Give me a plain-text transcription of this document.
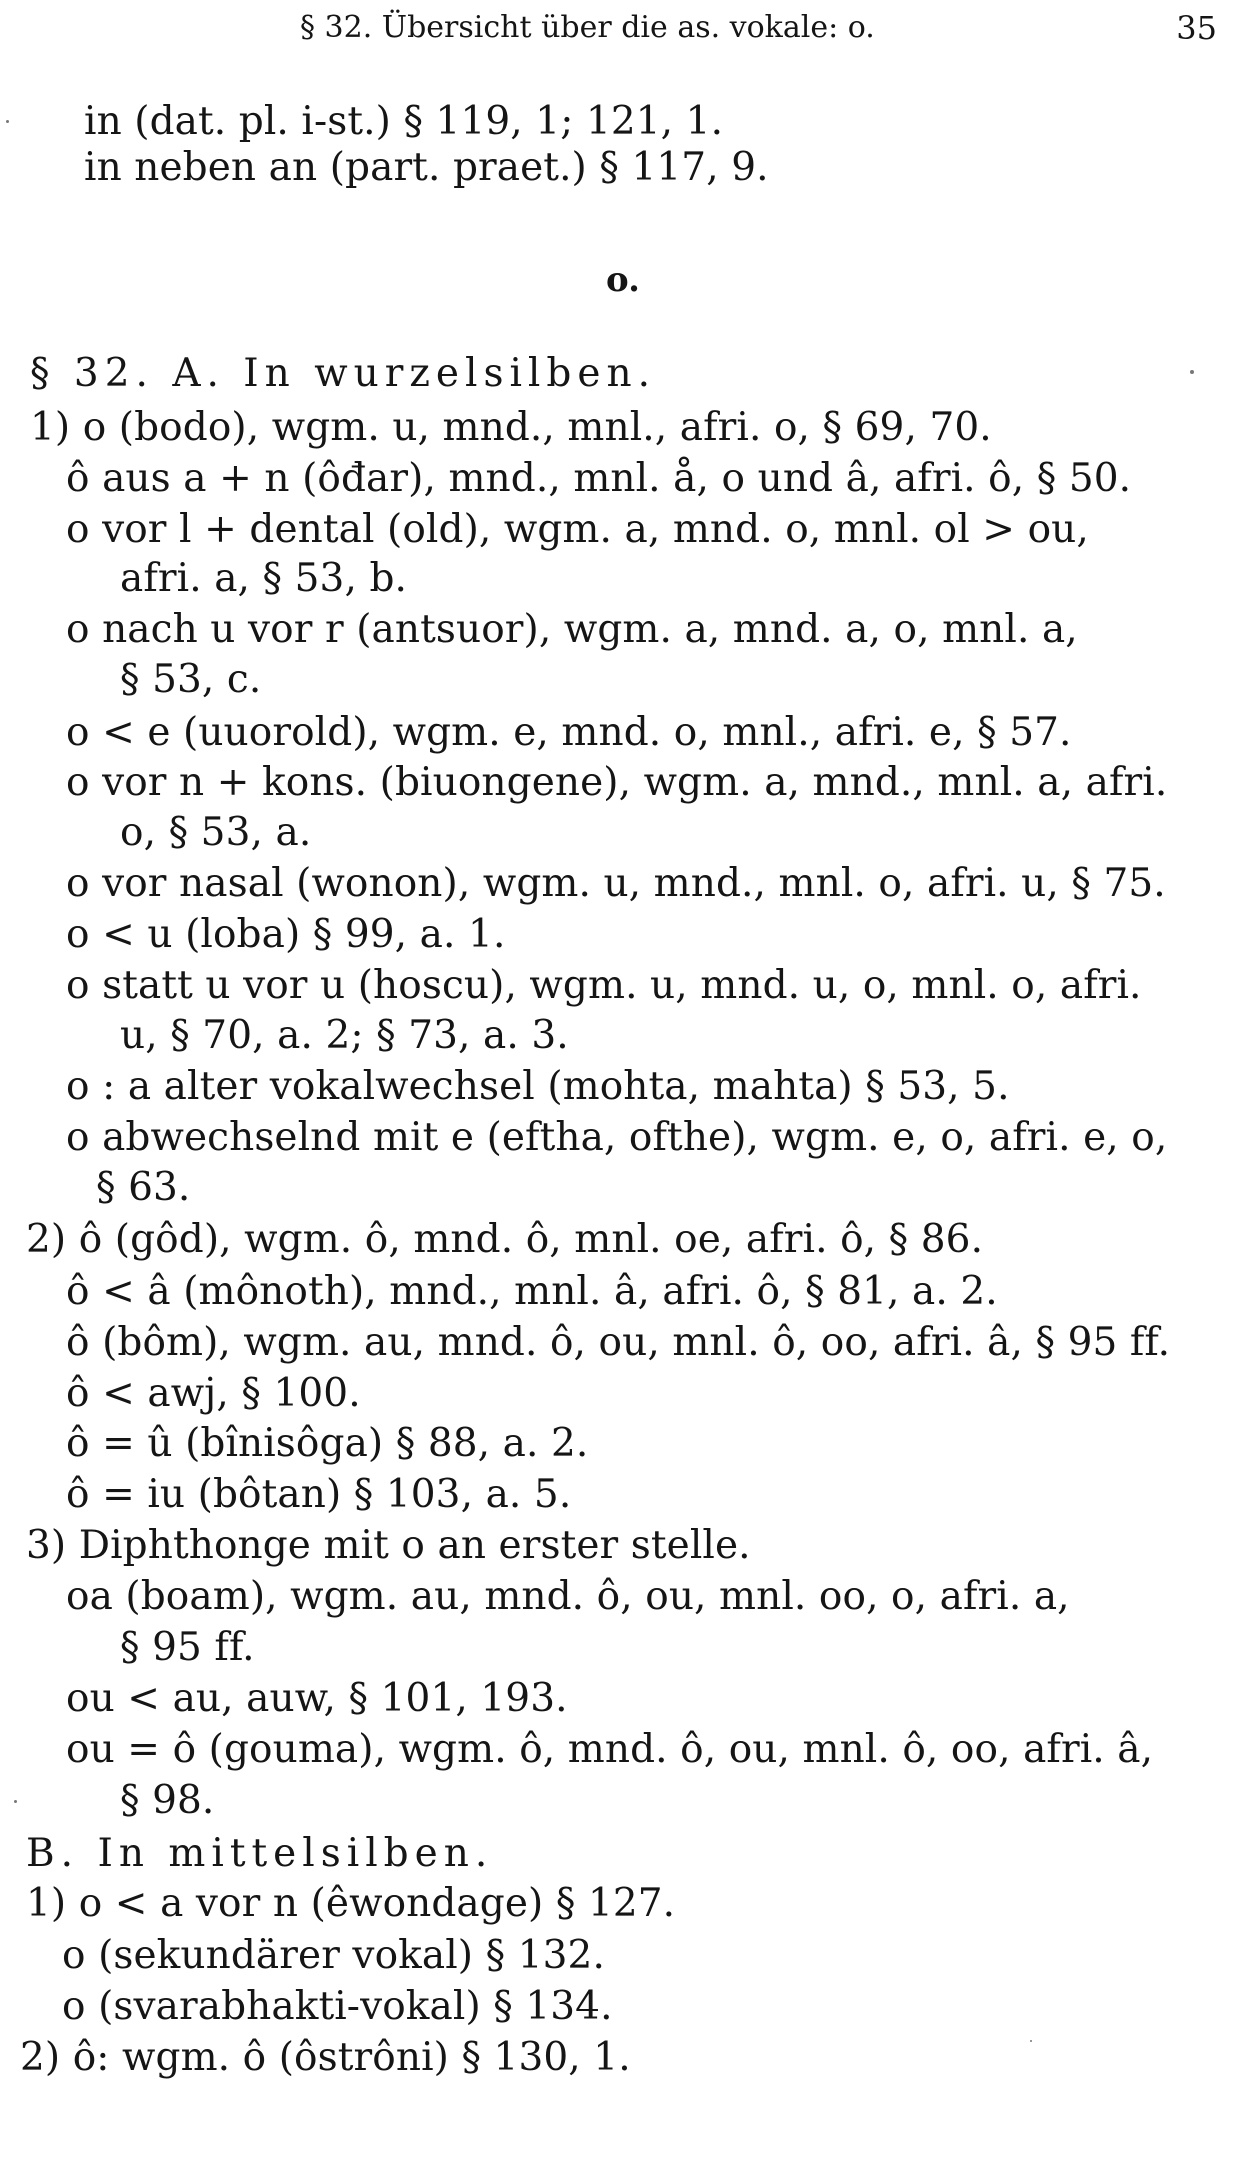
§ 32. Übersicht über die as. vokale: o.	35

in (dat. pl. i-st.) § 119, 1; 121, 1.

in neben an (part. praet.) § 117, 9.

o.

§ 32. A. In wurzelsilben.

1) o (bodo), wgm. u, mnd., mnl., afri. o, § 69, 70.

ô aus a + n (ôđar), mnd., mnl. å, o und â, afri. ô, § 50.

o vor l + dental (old), wgm. a, mnd. o, mnl. ol > ou,

afri. a, § 53, b.

o nach u vor r (antsuor), wgm. a, mnd. a, o, mnl. a,

§ 53, c.

o < e (uuorold), wgm. e, mnd. o, mnl., afri. e, § 57.

o vor n + kons. (biuongene), wgm. a, mnd., mnl. a, afri.

o, § 53, a.

o vor nasal (wonon), wgm. u, mnd., mnl. o, afri. u, § 75.

o < u (loba) § 99, a. 1.

o statt u vor u (hoscu), wgm. u, mnd. u, o, mnl. o, afri.

u, § 70, a. 2; § 73, a. 3.

o : a alter vokalwechsel (mohta, mahta) § 53, 5.

o abwechselnd mit e (eftha, ofthe), wgm. e, o, afri. e, o,

§ 63.

2) ô (gôd), wgm. ô, mnd. ô, mnl. oe, afri. ô, § 86.

ô < â (mônoth), mnd., mnl. â, afri. ô, § 81, a. 2.

ô (bôm), wgm. au, mnd. ô, ou, mnl. ô, oo, afri. â, § 95 ff.

ô < awj, § 100.

ô = û (bînisôga) § 88, a. 2.

ô = iu (bôtan) § 103, a. 5.

3) Diphthonge mit o an erster stelle.

oa (boam), wgm. au, mnd. ô, ou, mnl. oo, o, afri. a,

§ 95 ff.

ou < au, auw, § 101, 193.

ou = ô (gouma), wgm. ô, mnd. ô, ou, mnl. ô, oo, afri. â,

§ 98.

B. In mittelsilben.

1) o < a vor n (êwondage) § 127.

o (sekundärer vokal) § 132.

o (svarabhakti-vokal) § 134.

2) ô: wgm. ô (ôstrôni) § 130, 1.
